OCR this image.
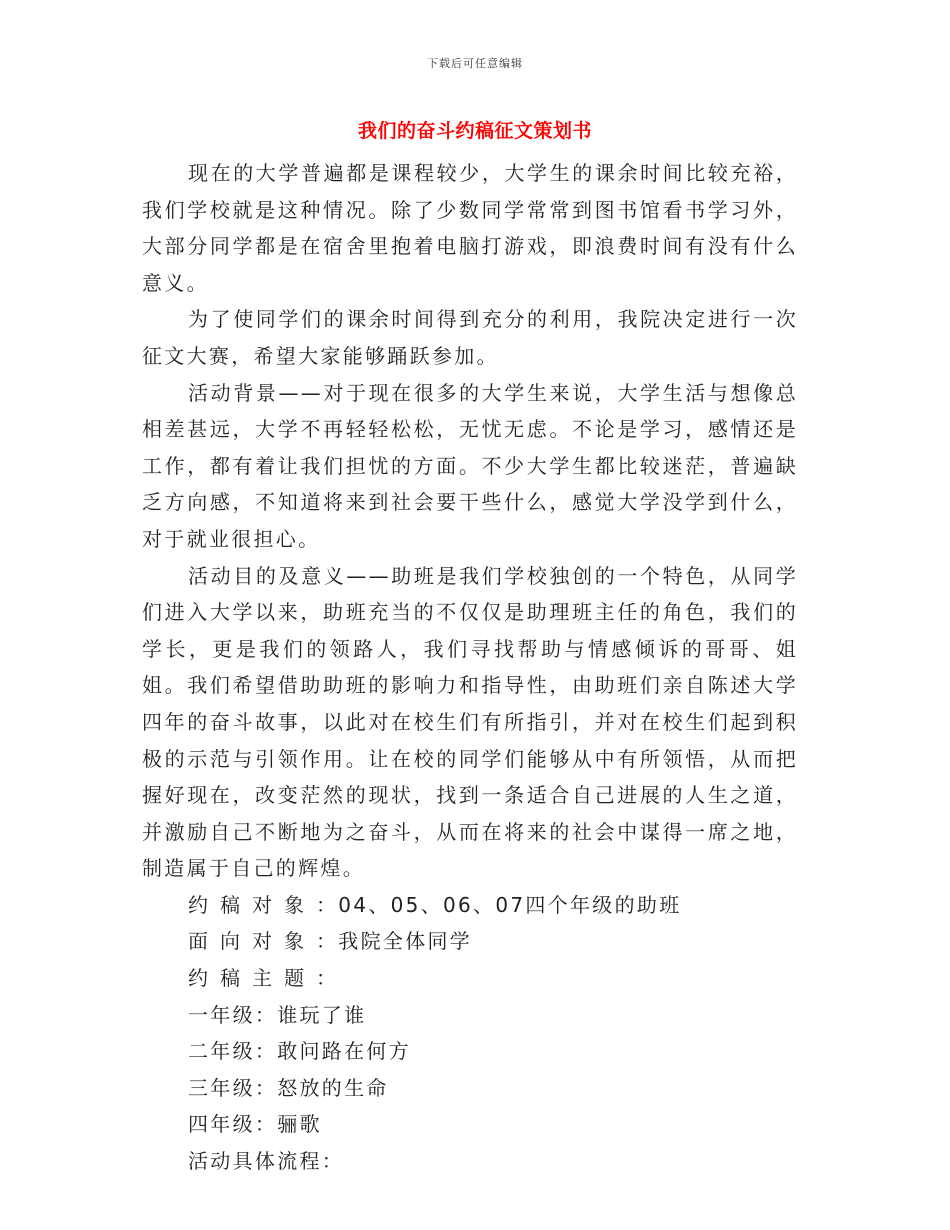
下载后可任意编辑
我们的奋斗约稿征文策划书

现在的大学普遍都是课程较少，大学生的课余时间比较充裕，我们学校就是这种情况。除了少数同学常常到图书馆看书学习外，大部分同学都是在宿舍里抱着电脑打游戏，即浪费时间有没有什么意义。

为了使同学们的课余时间得到充分的利用，我院决定进行一次征文大赛，希望大家能够踊跃参加。

活动背景——对于现在很多的大学生来说，大学生活与想像总相差甚远，大学不再轻轻松松，无忧无虑。不论是学习，感情还是工作，都有着让我们担忧的方面。不少大学生都比较迷茫，普遍缺乏方向感，不知道将来到社会要干些什么，感觉大学没学到什么，对于就业很担心。

活动目的及意义——助班是我们学校独创的一个特色，从同学们进入大学以来，助班充当的不仅仅是助理班主任的角色，我们的学长，更是我们的领路人，我们寻找帮助与情感倾诉的哥哥、姐姐。我们希望借助助班的影响力和指导性，由助班们亲自陈述大学四年的奋斗故事，以此对在校生们有所指引，并对在校生们起到积极的示范与引领作用。让在校的同学们能够从中有所领悟，从而把握好现在，改变茫然的现状，找到一条适合自己进展的人生之道，并激励自己不断地为之奋斗，从而在将来的社会中谋得一席之地，制造属于自己的辉煌。

约稿对象：04、05、06、07四个年级的助班

面向对象：我院全体同学

约稿主题：

一年级：谁玩了谁

二年级：敢问路在何方

三年级：怒放的生命

四年级：骊歌

活动具体流程：
